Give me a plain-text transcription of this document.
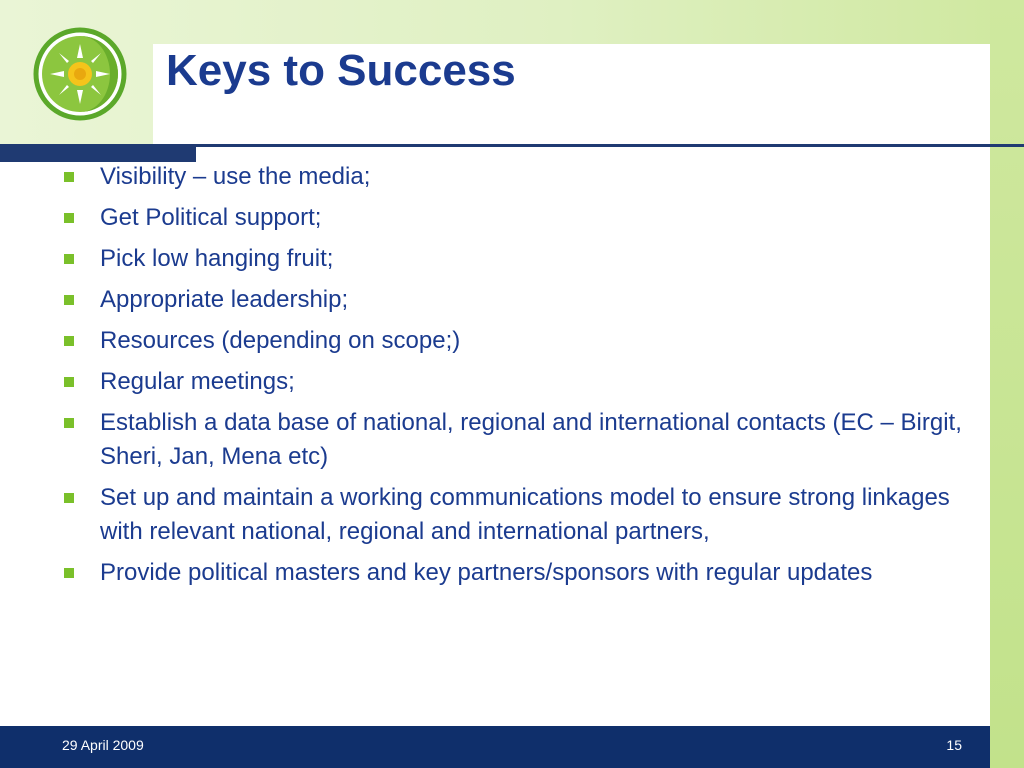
Keys to Success
Visibility – use the media;
Get Political support;
Pick low hanging fruit;
Appropriate leadership;
Resources (depending on scope;)
Regular meetings;
Establish a data base of national, regional and international contacts (EC – Birgit, Sheri, Jan, Mena etc)
Set up and maintain a working communications model to ensure strong linkages with relevant national, regional and international partners,
Provide political masters and key partners/sponsors with regular updates
29 April 2009	15
